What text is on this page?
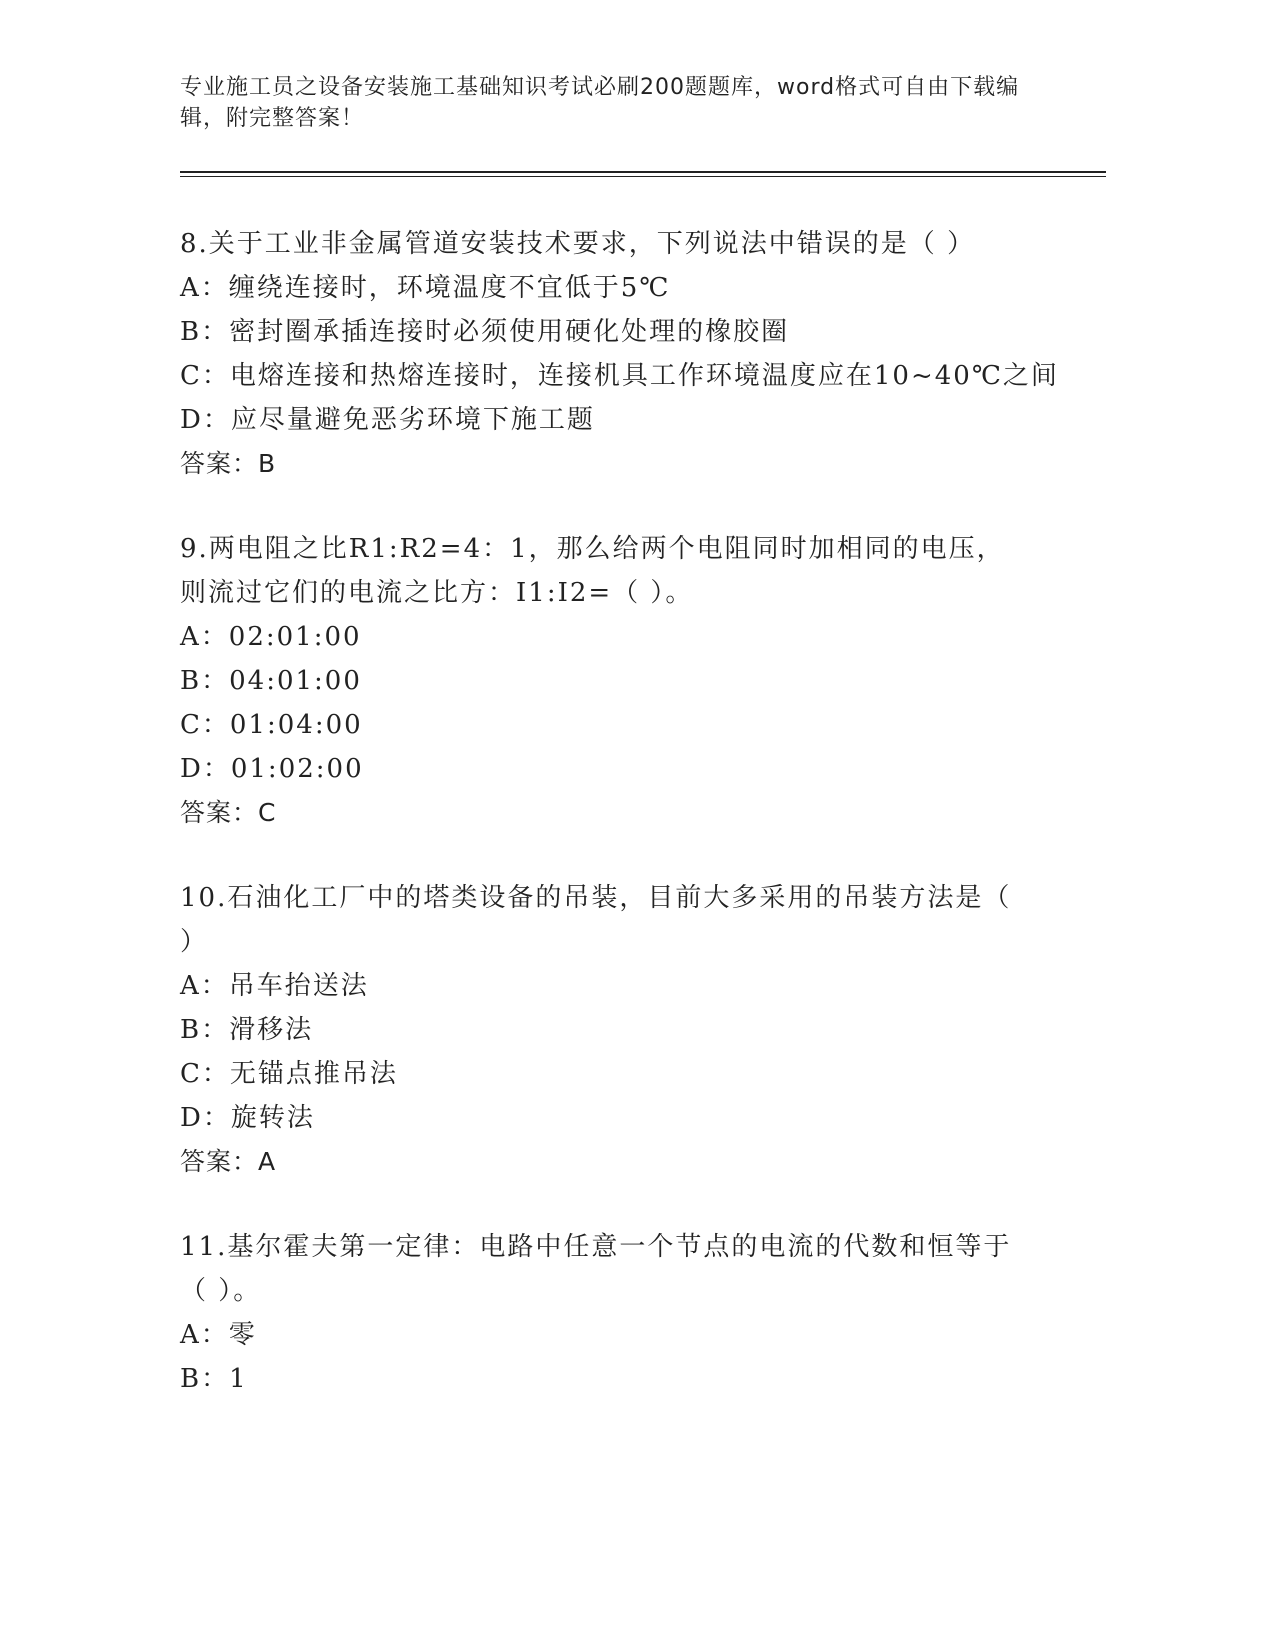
专业施工员之设备安装施工基础知识考试必刷200题题库，word格式可自由下载编辑，附完整答案！

8.关于工业非金属管道安装技术要求，下列说法中错误的是（ ）

A：缠绕连接时，环境温度不宜低于5℃

B：密封圈承插连接时必须使用硬化处理的橡胶圈

C：电熔连接和热熔连接时，连接机具工作环境温度应在10~40℃之间

D：应尽量避免恶劣环境下施工题

答案：B

9.两电阻之比R1:R2=4：1，那么给两个电阻同时加相同的电压，则流过它们的电流之比方：I1:I2=（ ）。

A：02:01:00

B：04:01:00

C：01:04:00

D：01:02:00

答案：C

10.石油化工厂中的塔类设备的吊装，目前大多采用的吊装方法是（ ）

A：吊车抬送法

B：滑移法

C：无锚点推吊法

D：旋转法

答案：A

11.基尔霍夫第一定律：电路中任意一个节点的电流的代数和恒等于（ ）。

A：零

B：1
